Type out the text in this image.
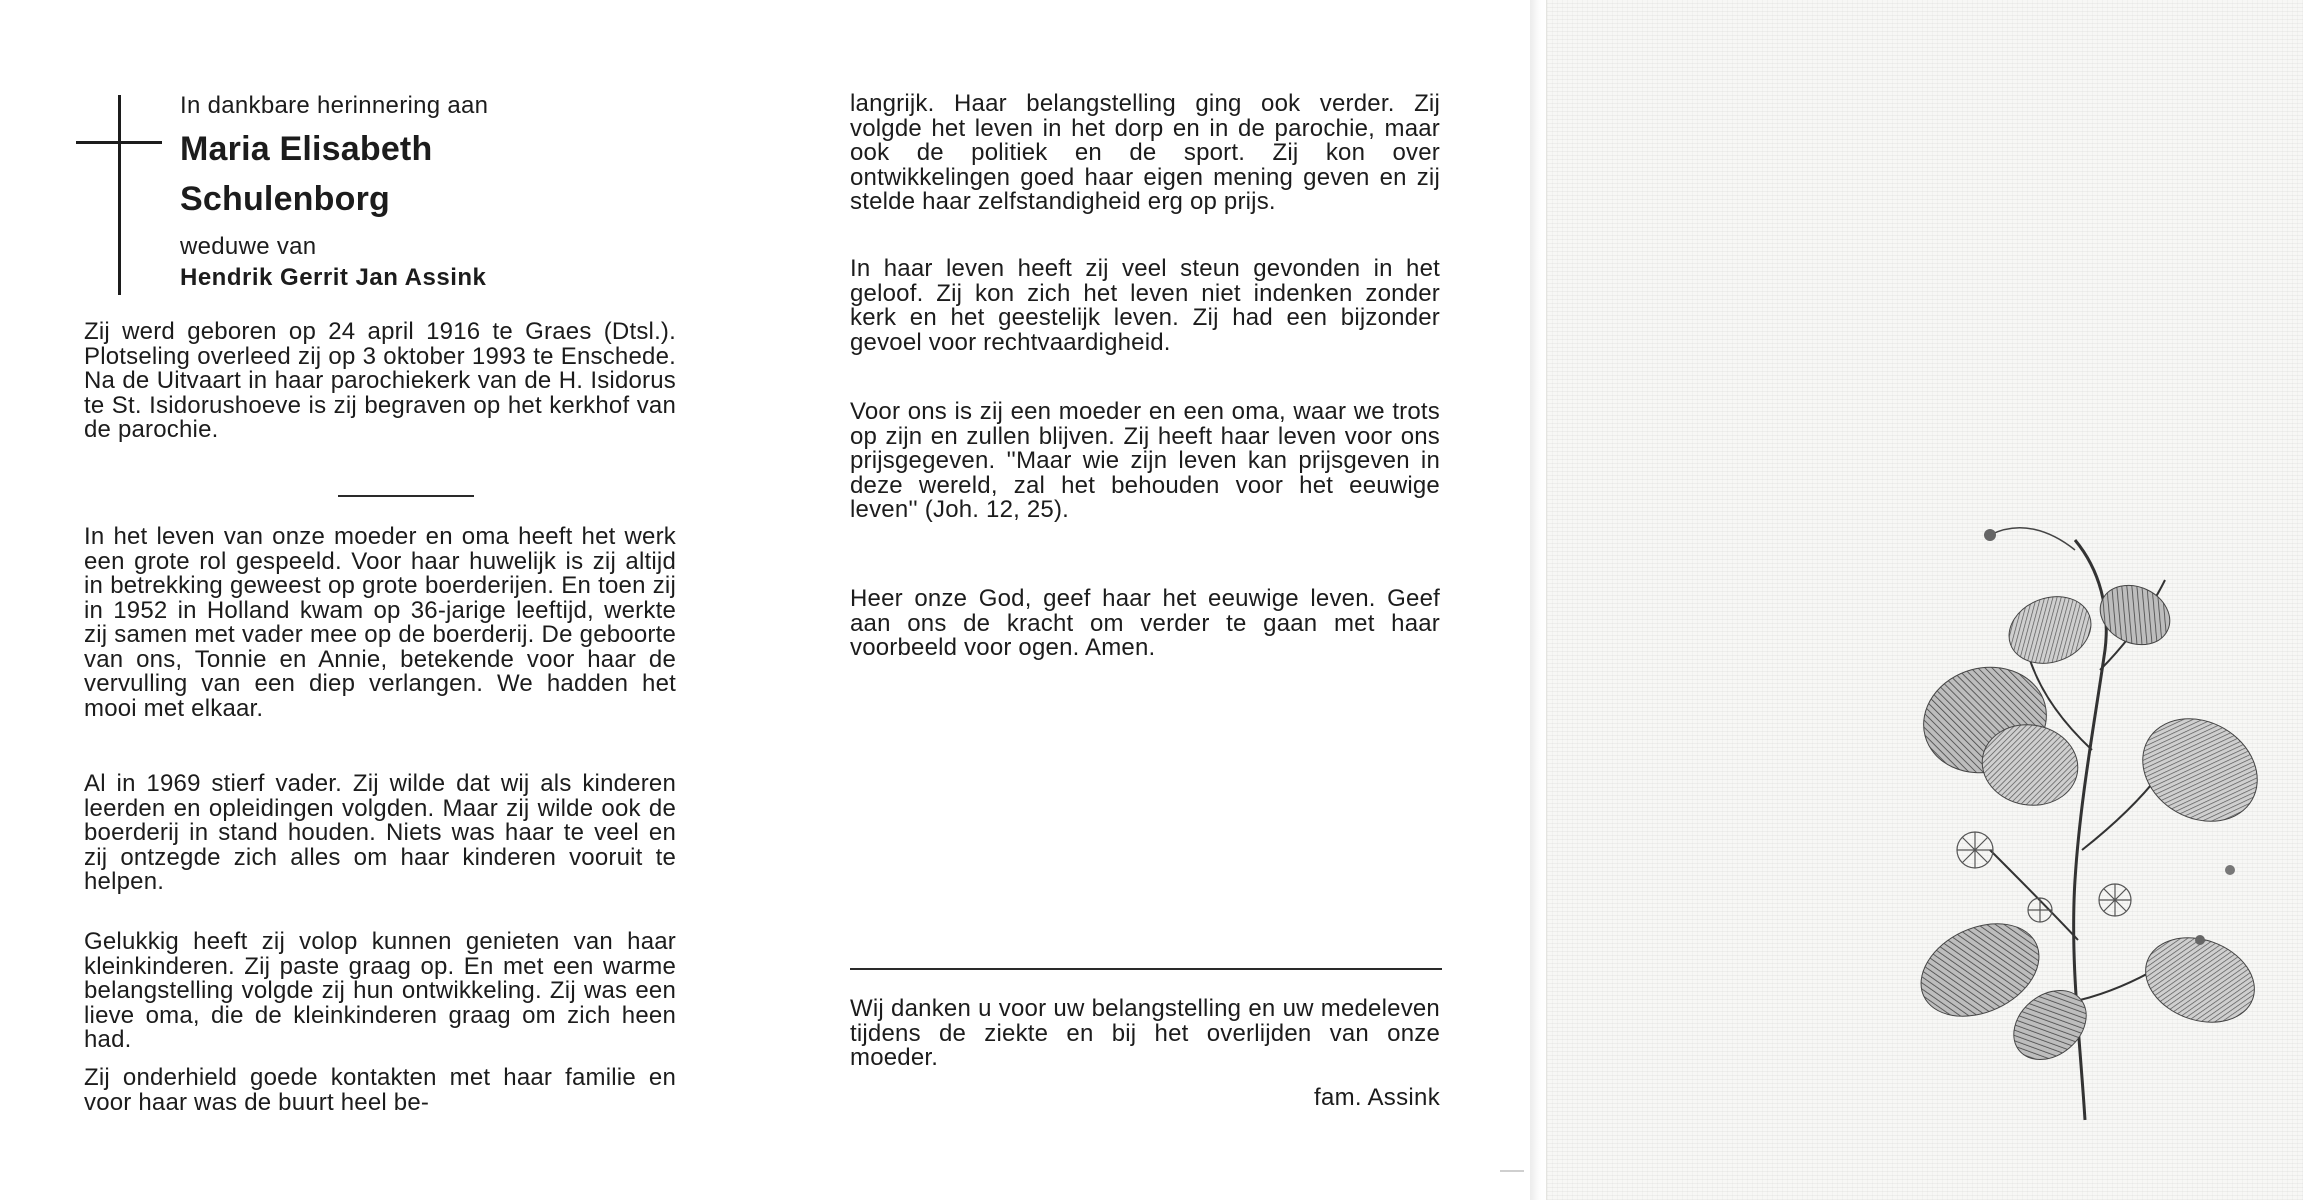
In dankbare herinnering aan
Maria Elisabeth
Schulenborg
weduwe van
Hendrik Gerrit Jan Assink
Zij werd geboren op 24 april 1916 te Graes (Dtsl.). Plotseling overleed zij op 3 oktober 1993 te Enschede. Na de Uitvaart in haar parochiekerk van de H. Isidorus te St. Isidorushoeve is zij begraven op het kerkhof van de parochie.
In het leven van onze moeder en oma heeft het werk een grote rol gespeeld. Voor haar huwelijk is zij altijd in betrekking geweest op grote boerderijen. En toen zij in 1952 in Holland kwam op 36-jarige leeftijd, werkte zij samen met vader mee op de boerderij. De geboorte van ons, Tonnie en Annie, betekende voor haar de vervulling van een diep verlangen. We hadden het mooi met elkaar.
Al in 1969 stierf vader. Zij wilde dat wij als kinderen leerden en opleidingen volgden. Maar zij wilde ook de boerderij in stand houden. Niets was haar te veel en zij ontzegde zich alles om haar kinderen vooruit te helpen.
Gelukkig heeft zij volop kunnen genieten van haar kleinkinderen. Zij paste graag op. En met een warme belangstelling volgde zij hun ontwikkeling. Zij was een lieve oma, die de kleinkinderen graag om zich heen had.
Zij onderhield goede kontakten met haar familie en voor haar was de buurt heel be-
langrijk. Haar belangstelling ging ook verder. Zij volgde het leven in het dorp en in de parochie, maar ook de politiek en de sport. Zij kon over ontwikkelingen goed haar eigen mening geven en zij stelde haar zelfstandigheid erg op prijs.
In haar leven heeft zij veel steun gevonden in het geloof. Zij kon zich het leven niet indenken zonder kerk en het geestelijk leven. Zij had een bijzonder gevoel voor rechtvaardigheid.
Voor ons is zij een moeder en een oma, waar we trots op zijn en zullen blijven. Zij heeft haar leven voor ons prijsgegeven. ''Maar wie zijn leven kan prijsgeven in deze wereld, zal het behouden voor het eeuwige leven'' (Joh. 12, 25).
Heer onze God, geef haar het eeuwige leven. Geef aan ons de kracht om verder te gaan met haar voorbeeld voor ogen. Amen.
Wij danken u voor uw belangstelling en uw medeleven tijdens de ziekte en bij het overlijden van onze moeder.
fam. Assink
